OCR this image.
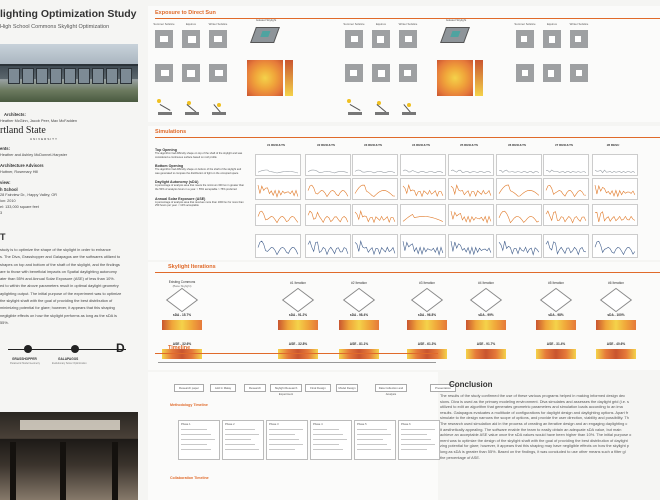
lighting Optimization Study
High School Commons Skylight Optimization
Architects:
Heather McGinn, Jacob Peer, Max McFadden
rtland State
UNIVERSITY
ents:
Heather and Ashley McDonnel-Harpster
Architecture Advisors
Huttner, Rosemary Hill
view:
h School
28 Fairview Dr., Happy Valley, OR
ion: 2010
el: 133,000 square feet
3
T
study is to optimize the shape of the skylight in order to enhance
s. The Diva, Grasshopper and Galapagos are the softwares utilized to
shapes on top and bottom of the shaft of the skylight, and the findings
are to those with beneficial impacts on Spatial daylighting autonomy
ater than 55% and Annual Solar Exposure (ASE) of less than 10%.
ed to within the above parameters result in optimal daylight geometry
aylighting output. The initial purpose of the experiment was to optimize
the skylight shaft with the goal of providing the best distribution of
minimizing potential for glare; however, it appears that this shaping
negligible effects on how the skylight performs as long as the sDA is
55%.
D
GRASSHOPPER	GALAPAGOS
Parametric Model Geometry	Evolutionary Solver Optimization
Exposure to Direct Sun
Summer Solstice	Equinox	Winter Solstice
Isolated Skylight
Summer Solstice	Equinox	Winter Solstice
Isolated Skylight
Summer Solstice	Equinox	Winter Solstice
Simulations
Top Opening
The algorithm had difficulty shape on top of the shaft of the skylight and was considered a continuous surface based on roof profile
Bottom Opening
The algorithm had difficulty shape on bottom of the shaft of the skylight and was generated to compare the distribution of light on the occupied space
Daylight Autonomy (sDA)
A percentage of analysis area that meets the minimum 300 lux in greater than the 50% of analysis hours in a year. > 55% acceptable > 75% preferred
Annual Solar Exposure (ASE)
A percentage of analysis area that receives more than 1000 lux for more than 250 hours per year. < 10% acceptable
#1 RESULTS	#2 RESULTS	#3 RESULTS	#4 RESULTS	#5 RESULTS	#6 RESULTS	#7 RESULTS	#8 RESU
Skylight Iterations
Existing Commons
(Base Skylight)
sDA - 15.7%
ASE - 32.6%
#1 Iteration
sDA - 91.2%
ASE - 32.8%
#2 Iteration
sDA - 98.4%
ASE - 81.1%
#3 Iteration
sDA - 96.8%
ASE - 61.3%
#4 Iteration
sDA - 99%
ASE - 91.7%
#5 Iteration
sDA - 98%
ASE - 31.4%
#6 Iteration
sDA - 100%
ASE - 40.6%
Timeline
Research paper	Add In Malay	Research	Skylight Research Experiment
Final Design	Model Design	Data Collection and Analysis
Presentation
Methodology Timeline
Phase 1	Phase 2	Phase 3	Phase 4	Phase 5	Phase 6
Collaboration Timeline
Conclusion
The results of the study confirmed the use of these various programs helped in making informed design dec
sions. Diva is used as the primary modeling environment. Diva simulates and assesses the daylight grid (i.e. s
utilized to edit an algorithm that generates geometric parameters and simulation loads according to an ima
results. Galapagos evaluates a multitude of configurations for daylight design and daylighting options. Apart fr
simulate to the design narrows the scope of options, and provide the user direction, viability and possibility. Th
The research used simulation aid in the process of creating an iterative design and an engaging daylighting c
it aesthetically appealing. The software enable the team to easily obtain an adequate sDA value, but main
achieve an acceptable ASE value once the sDA values would have been higher than 10%. The initial purpose o
ment was to optimize the design of the skylight shaft with the goal of providing the best distribution of daylight
zing potential for glare; however, it appears that this shaping may have negligible effects on how the skylight p
long as sDA is greater than 55%. Based on the findings, it was concluded to use other means such a filter gl
the percentage of ASE.
